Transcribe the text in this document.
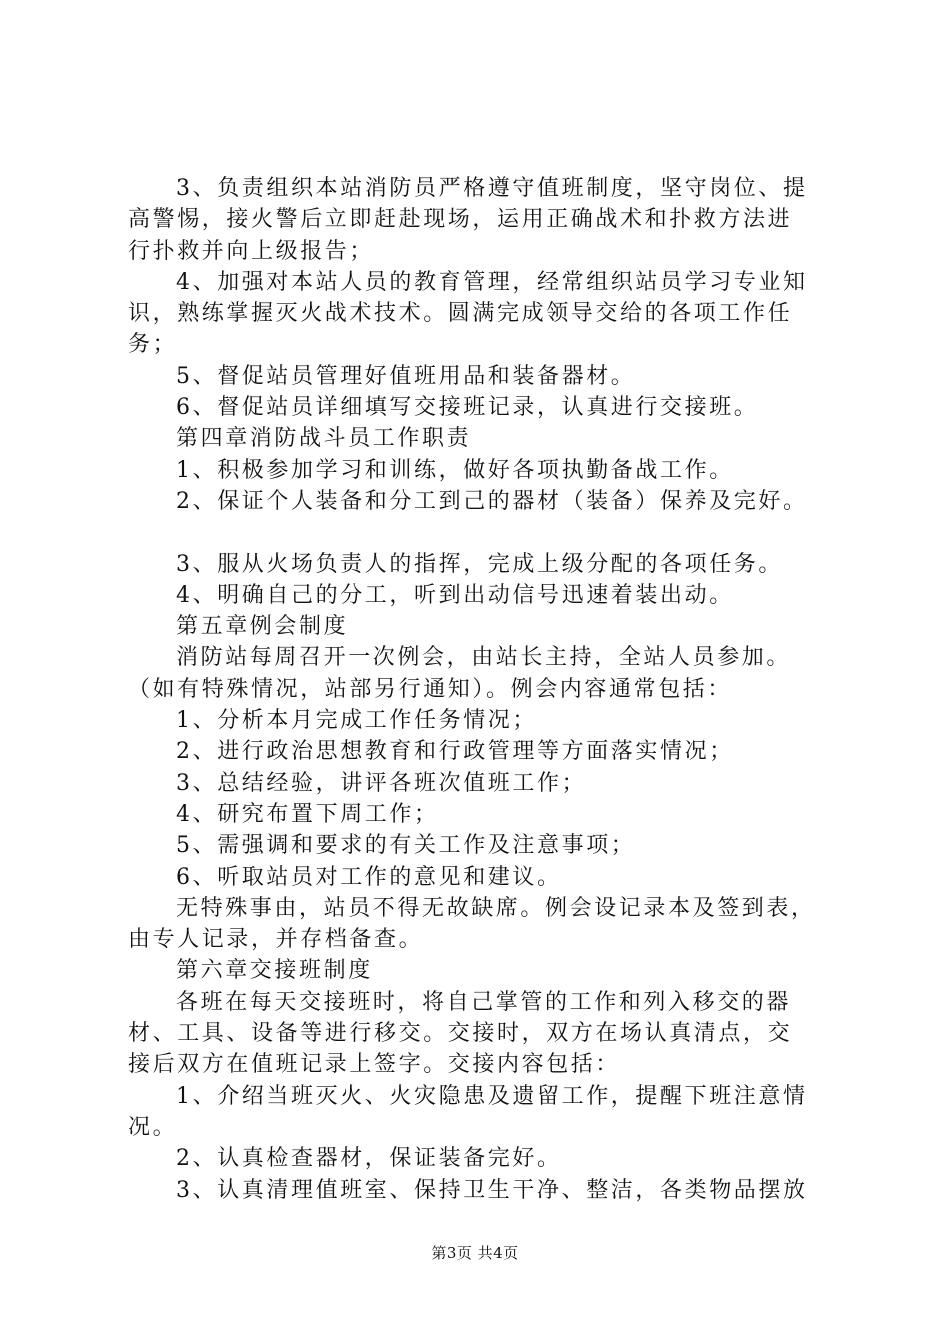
3、负责组织本站消防员严格遵守值班制度，坚守岗位、提
高警惕，接火警后立即赶赴现场，运用正确战术和扑救方法进
行扑救并向上级报告；
4、加强对本站人员的教育管理，经常组织站员学习专业知
识，熟练掌握灭火战术技术。圆满完成领导交给的各项工作任
务；
5、督促站员管理好值班用品和装备器材。
6、督促站员详细填写交接班记录，认真进行交接班。
第四章消防战斗员工作职责
1、积极参加学习和训练，做好各项执勤备战工作。
2、保证个人装备和分工到己的器材（装备）保养及完好。
3、服从火场负责人的指挥，完成上级分配的各项任务。
4、明确自己的分工，听到出动信号迅速着装出动。
第五章例会制度
消防站每周召开一次例会，由站长主持，全站人员参加。
（如有特殊情况，站部另行通知）。例会内容通常包括：
1、分析本月完成工作任务情况；
2、进行政治思想教育和行政管理等方面落实情况；
3、总结经验，讲评各班次值班工作；
4、研究布置下周工作；
5、需强调和要求的有关工作及注意事项；
6、听取站员对工作的意见和建议。
无特殊事由，站员不得无故缺席。例会设记录本及签到表，
由专人记录，并存档备查。
第六章交接班制度
各班在每天交接班时，将自己掌管的工作和列入移交的器
材、工具、设备等进行移交。交接时，双方在场认真清点，交
接后双方在值班记录上签字。交接内容包括：
1、介绍当班灭火、火灾隐患及遗留工作，提醒下班注意情
况。
2、认真检查器材，保证装备完好。
3、认真清理值班室、保持卫生干净、整洁，各类物品摆放
第3页 共4页
